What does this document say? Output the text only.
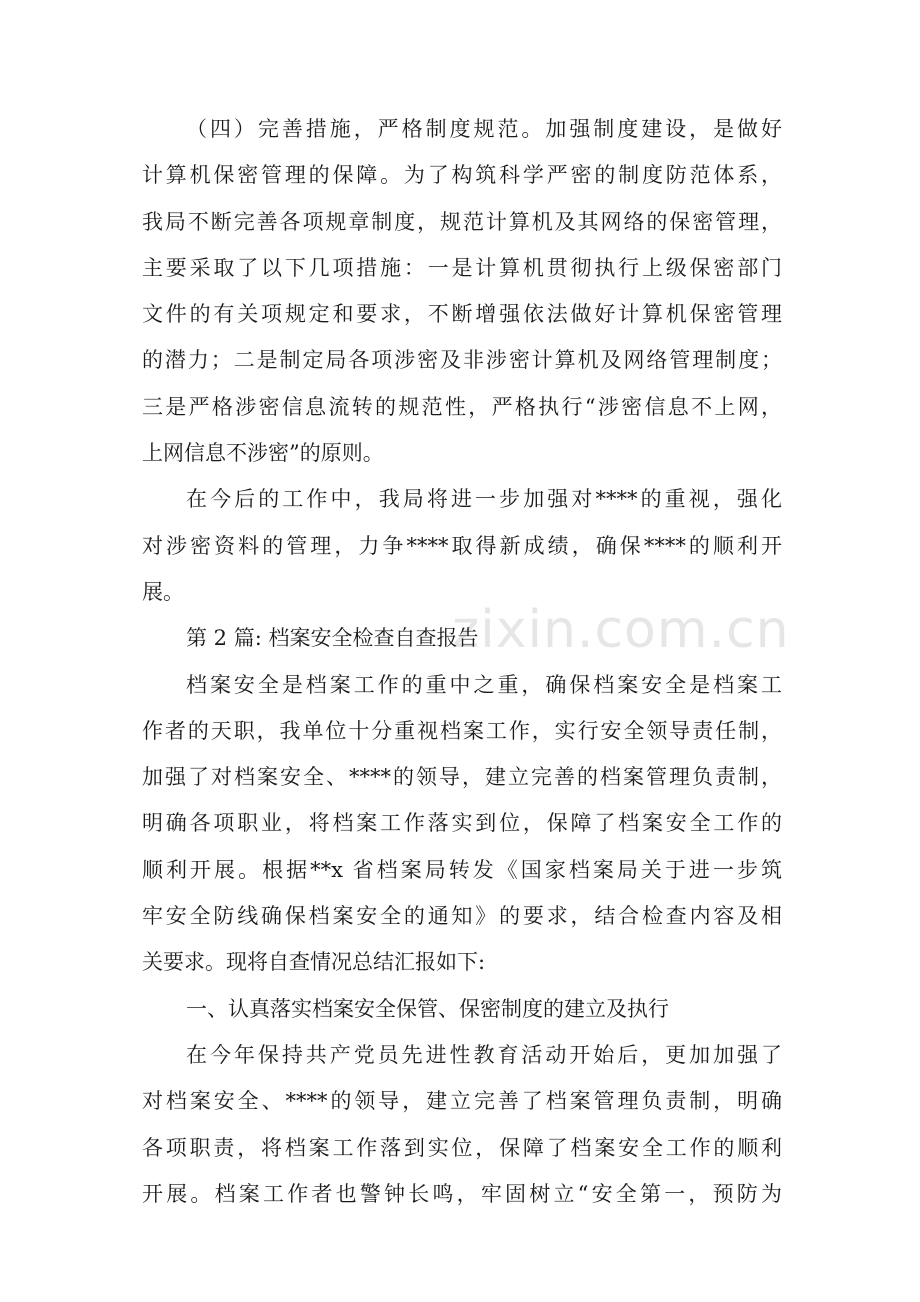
zixin.com.cn
（四）完善措施，严格制度规范。加强制度建设，是做好
计算机保密管理的保障。为了构筑科学严密的制度防范体系，
我局不断完善各项规章制度，规范计算机及其网络的保密管理，
主要采取了以下几项措施：一是计算机贯彻执行上级保密部门
文件的有关项规定和要求，不断增强依法做好计算机保密管理
的潜力；二是制定局各项涉密及非涉密计算机及网络管理制度；
三是严格涉密信息流转的规范性，严格执行“涉密信息不上网，
上网信息不涉密”的原则。
在今后的工作中，我局将进一步加强对****的重视，强化
对涉密资料的管理，力争****取得新成绩，确保****的顺利开
展。
第 2 篇: 档案安全检查自查报告
档案安全是档案工作的重中之重，确保档案安全是档案工
作者的天职，我单位十分重视档案工作，实行安全领导责任制，
加强了对档案安全、****的领导，建立完善的档案管理负责制，
明确各项职业，将档案工作落实到位，保障了档案安全工作的
顺利开展。根据**x 省档案局转发《国家档案局关于进一步筑
牢安全防线确保档案安全的通知》的要求，结合检查内容及相
关要求。现将自查情况总结汇报如下:
一、认真落实档案安全保管、保密制度的建立及执行
在今年保持共产党员先进性教育活动开始后，更加加强了
对档案安全、****的领导，建立完善了档案管理负责制，明确
各项职责，将档案工作落到实位，保障了档案安全工作的顺利
开展。档案工作者也警钟长鸣，牢固树立“安全第一，预防为
